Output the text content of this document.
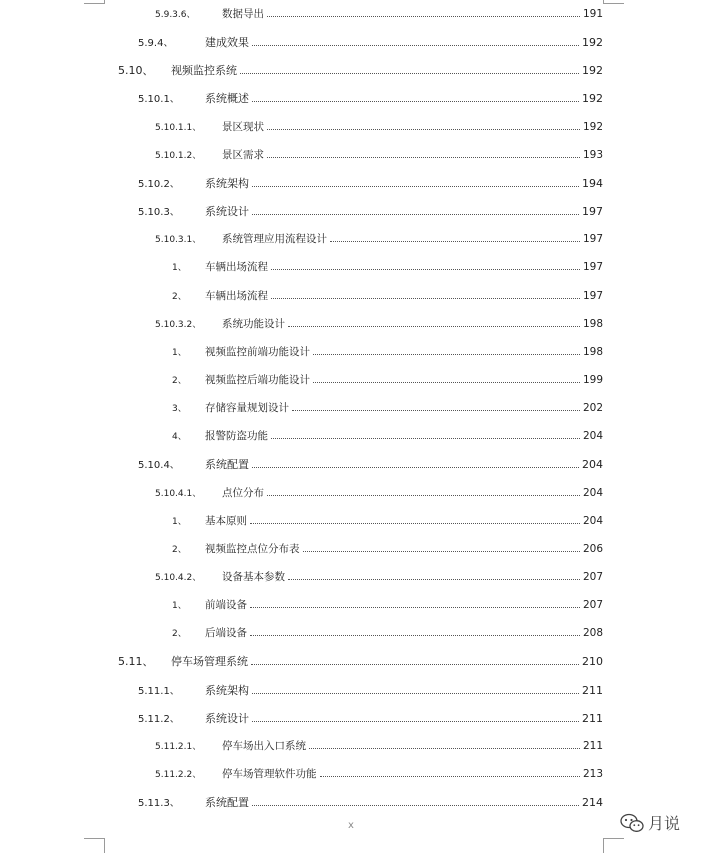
5.9.3.6、	数据导出	191
5.9.4、	建成效果	192
5.10、	视频监控系统	192
5.10.1、	系统概述	192
5.10.1.1、	景区现状	192
5.10.1.2、	景区需求	193
5.10.2、	系统架构	194
5.10.3、	系统设计	197
5.10.3.1、	系统管理应用流程设计	197
1、	车辆出场流程	197
2、	车辆出场流程	197
5.10.3.2、	系统功能设计	198
1、	视频监控前端功能设计	198
2、	视频监控后端功能设计	199
3、	存储容量规划设计	202
4、	报警防盗功能	204
5.10.4、	系统配置	204
5.10.4.1、	点位分布	204
1、	基本原则	204
2、	视频监控点位分布表	206
5.10.4.2、	设备基本参数	207
1、	前端设备	207
2、	后端设备	208
5.11、	停车场管理系统	210
5.11.1、	系统架构	211
5.11.2、	系统设计	211
5.11.2.1、	停车场出入口系统	211
5.11.2.2、	停车场管理软件功能	213
5.11.3、	系统配置	214
x	月说
